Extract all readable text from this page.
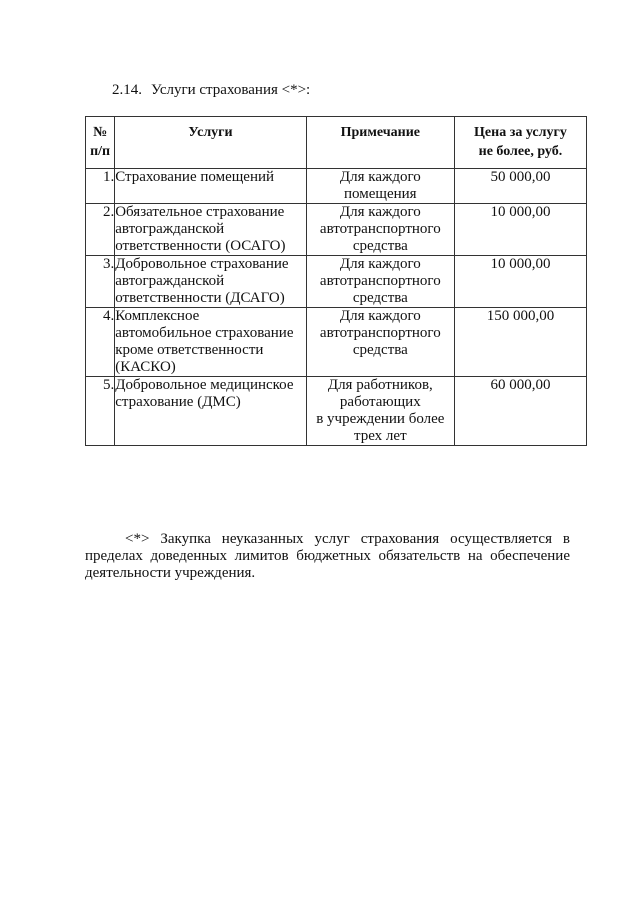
2.14. Услуги страхования <*>:
№
п/п	Услуги	Примечание	Цена за услугу
не более, руб.
1.	Страхование помещений	Для каждого
помещения	50 000,00
2.	Обязательное страхование
автогражданской
ответственности (ОСАГО)	Для каждого
автотранспортного
средства	10 000,00
3.	Добровольное страхование
автогражданской
ответственности (ДСАГО)	Для каждого
автотранспортного
средства	10 000,00
4.	Комплексное
автомобильное страхование
кроме ответственности
(КАСКО)	Для каждого
автотранспортного
средства	150 000,00
5.	Добровольное медицинское
страхование (ДМС)	Для работников,
работающих
в учреждении более
трех лет	60 000,00

<*> Закупка неуказанных услуг страхования осуществляется в пределах доведенных лимитов бюджетных обязательств на обеспечение деятельности учреждения.
